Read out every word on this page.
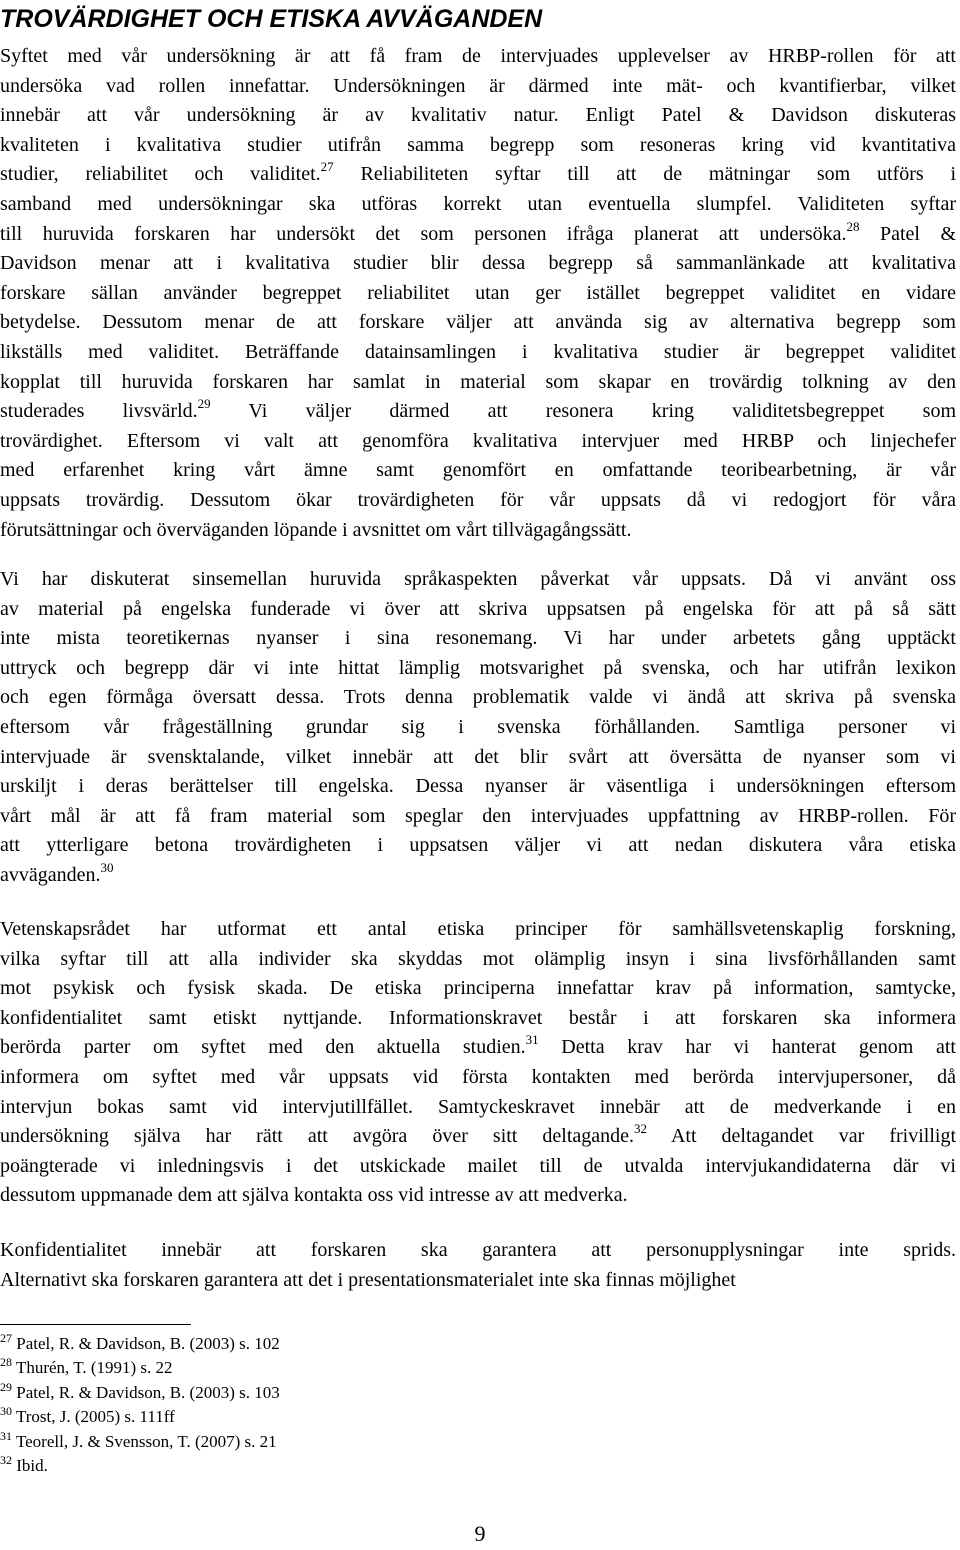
TROVÄRDIGHET OCH ETISKA AVVÄGANDEN
Syftet med vår undersökning är att få fram de intervjuades upplevelser av HRBP-rollen för att
undersöka vad rollen innefattar. Undersökningen är därmed inte mät- och kvantifierbar, vilket
innebär att vår undersökning är av kvalitativ natur. Enligt Patel & Davidson diskuteras
kvaliteten i kvalitativa studier utifrån samma begrepp som resoneras kring vid kvantitativa
studier, reliabilitet och validitet.$^{27}$ Reliabiliteten syftar till att de mätningar som utförs i
samband med undersökningar ska utföras korrekt utan eventuella slumpfel. Validiteten syftar
till huruvida forskaren har undersökt det som personen ifråga planerat att undersöka.$^{28}$ Patel &
Davidson menar att i kvalitativa studier blir dessa begrepp så sammanlänkade att kvalitativa
forskare sällan använder begreppet reliabilitet utan ger istället begreppet validitet en vidare
betydelse. Dessutom menar de att forskare väljer att använda sig av alternativa begrepp som
likställs med validitet. Beträffande datainsamlingen i kvalitativa studier är begreppet validitet
kopplat till huruvida forskaren har samlat in material som skapar en trovärdig tolkning av den
studerades livsvärld.$^{29}$ Vi väljer därmed att resonera kring validitetsbegreppet som
trovärdighet. Eftersom vi valt att genomföra kvalitativa intervjuer med HRBP och linjechefer
med erfarenhet kring vårt ämne samt genomfört en omfattande teoribearbetning, är vår
uppsats trovärdig. Dessutom ökar trovärdigheten för vår uppsats då vi redogjort för våra
förutsättningar och överväganden löpande i avsnittet om vårt tillvägagångssätt.
Vi har diskuterat sinsemellan huruvida språkaspekten påverkat vår uppsats. Då vi använt oss
av material på engelska funderade vi över att skriva uppsatsen på engelska för att på så sätt
inte mista teoretikernas nyanser i sina resonemang. Vi har under arbetets gång upptäckt
uttryck och begrepp där vi inte hittat lämplig motsvarighet på svenska, och har utifrån lexikon
och egen förmåga översatt dessa. Trots denna problematik valde vi ändå att skriva på svenska
eftersom vår frågeställning grundar sig i svenska förhållanden. Samtliga personer vi
intervjuade är svensktalande, vilket innebär att det blir svårt att översätta de nyanser som vi
urskiljt i deras berättelser till engelska. Dessa nyanser är väsentliga i undersökningen eftersom
vårt mål är att få fram material som speglar den intervjuades uppfattning av HRBP-rollen. För
att ytterligare betona trovärdigheten i uppsatsen väljer vi att nedan diskutera våra etiska
avväganden.$^{30}$
Vetenskapsrådet har utformat ett antal etiska principer för samhällsvetenskaplig forskning,
vilka syftar till att alla individer ska skyddas mot olämplig insyn i sina livsförhållanden samt
mot psykisk och fysisk skada. De etiska principerna innefattar krav på information, samtycke,
konfidentialitet samt etiskt nyttjande. Informationskravet består i att forskaren ska informera
berörda parter om syftet med den aktuella studien.$^{31}$ Detta krav har vi hanterat genom att
informera om syftet med vår uppsats vid första kontakten med berörda intervjupersoner, då
intervjun bokas samt vid intervjutillfället. Samtyckeskravet innebär att de medverkande i en
undersökning själva har rätt att avgöra över sitt deltagande.$^{32}$ Att deltagandet var frivilligt
poängterade vi inledningsvis i det utskickade mailet till de utvalda intervjukandidaterna där vi
dessutom uppmanade dem att själva kontakta oss vid intresse av att medverka.
Konfidentialitet innebär att forskaren ska garantera att personupplysningar inte sprids.
Alternativt ska forskaren garantera att det i presentationsmaterialet inte ska finnas möjlighet
$^{27}$ Patel, R. & Davidson, B. (2003) s. 102
$^{28}$ Thurén, T. (1991) s. 22
$^{29}$ Patel, R. & Davidson, B. (2003) s. 103
$^{30}$ Trost, J. (2005) s. 111ff
$^{31}$ Teorell, J. & Svensson, T. (2007) s. 21
$^{32}$ Ibid.
9
